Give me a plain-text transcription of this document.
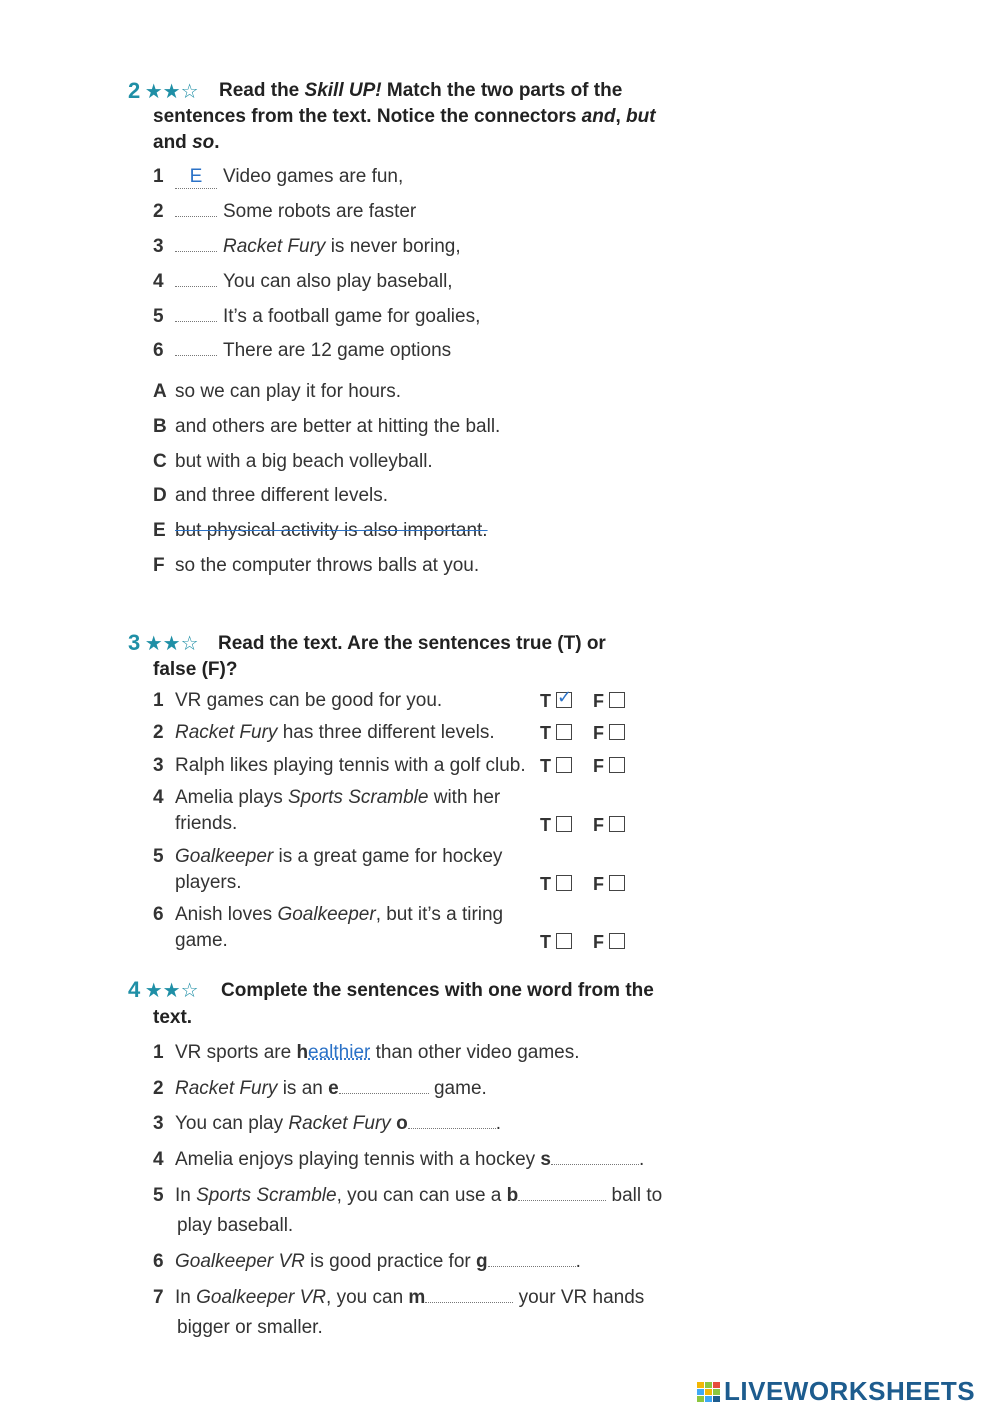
2 ★★☆	Read the Skill UP! Match the two parts of the sentences from the text. Notice the connectors and, but and so.
1 E Video games are fun,
2	Some robots are faster
3	Racket Fury is never boring,
4	You can also play baseball,
5	It’s a football game for goalies,
6	There are 12 game options
A so we can play it for hours.
B and others are better at hitting the ball.
C but with a big beach volleyball.
D and three different levels.
E but physical activity is also important.
F so the computer throws balls at you.
3 ★★☆ Read the text. Are the sentences true (T) or
false (F)?
1 VR games can be good for you.	T ✓ F
2 Racket Fury has three different levels.	T F
3 Ralph likes playing tennis with a golf club. T F
4 Amelia plays Sports Scramble with her
friends.	T F
5 Goalkeeper is a great game for hockey
players.	T F
6 Anish loves Goalkeeper, but it’s a tiring
game.	T F
4 ★★☆ Complete the sentences with one word from the
text.
1 VR sports are healthier than other video games.
2 Racket Fury is an e	game.
3 You can play Racket Fury o	.
4 Amelia enjoys playing tennis with a hockey s	.
5 In Sports Scramble, you can can use a b	ball to
play baseball.
6 Goalkeeper VR is good practice for g	.
7 In Goalkeeper VR, you can m	your VR hands
bigger or smaller.
LIVEWORKSHEETS
